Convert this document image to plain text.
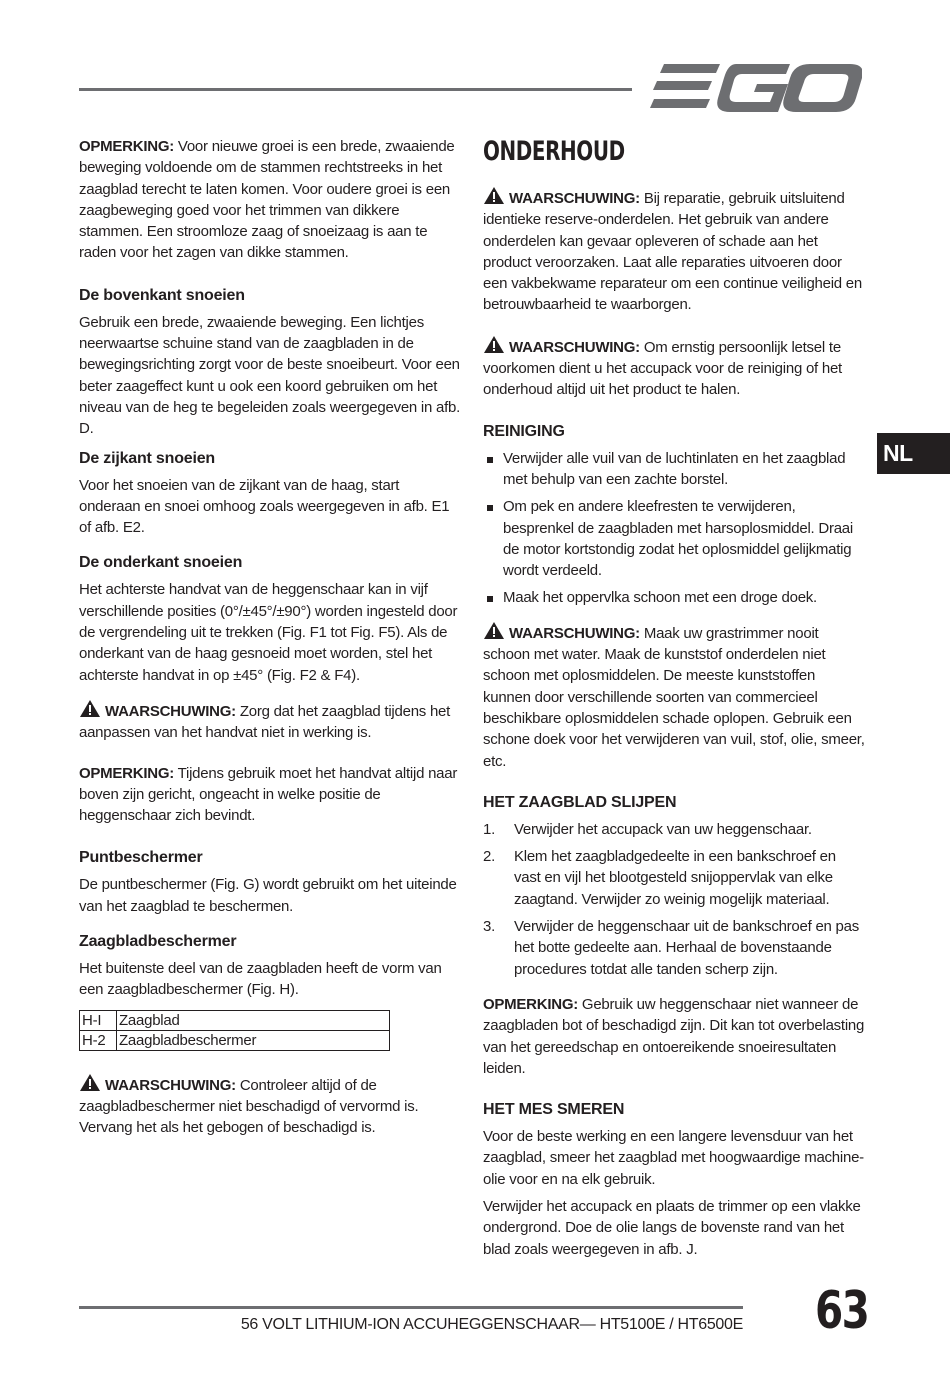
OPMERKING: Voor nieuwe groei is een brede, zwaaiende beweging voldoende om de stammen rechtstreeks in het zaagblad terecht te laten komen. Voor oudere groei is een zaagbeweging goed voor het trimmen van dikkere stammen. Een stroomloze zaag of snoeizaag is aan te raden voor het zagen van dikke stammen.

De bovenkant snoeien

Gebruik een brede, zwaaiende beweging. Een lichtjes neerwaartse schuine stand van de zaagbladen in de bewegingsrichting zorgt voor de beste snoeibeurt. Voor een beter zaageffect kunt u ook een koord gebruiken om het niveau van de heg te begeleiden zoals weergegeven in afb. D.

De zijkant snoeien

Voor het snoeien van de zijkant van de haag, start onderaan en snoei omhoog zoals weergegeven in afb. E1 of afb. E2.

De onderkant snoeien

Het achterste handvat van de heggenschaar kan in vijf verschillende posities (0°/±45°/±90°) worden ingesteld door de vergrendeling uit te trekken (Fig. F1 tot Fig. F5). Als de onderkant van de haag gesnoeid moet worden, stel het achterste handvat in op ±45° (Fig. F2 & F4).

WAARSCHUWING: Zorg dat het zaagblad tijdens het aanpassen van het handvat niet in werking is.

OPMERKING: Tijdens gebruik moet het handvat altijd naar boven zijn gericht, ongeacht in welke positie de heggenschaar zich bevindt.

Puntbeschermer

De puntbeschermer (Fig. G) wordt gebruikt om het uiteinde van het zaagblad te beschermen.

Zaagbladbeschermer

Het buitenste deel van de zaagbladen heeft de vorm van een zaagbladbeschermer (Fig. H).

H-I	Zaagblad
H-2	Zaagbladbeschermer

WAARSCHUWING: Controleer altijd of de zaagbladbeschermer niet beschadigd of vervormd is. Vervang het als het gebogen of beschadigd is.

ONDERHOUD

WAARSCHUWING: Bij reparatie, gebruik uitsluitend identieke reserve-onderdelen. Het gebruik van andere onderdelen kan gevaar opleveren of schade aan het product veroorzaken. Laat alle reparaties uitvoeren door een vakbekwame reparateur om een continue veiligheid en betrouwbaarheid te waarborgen.

WAARSCHUWING: Om ernstig persoonlijk letsel te voorkomen dient u het accupack voor de reiniging of het onderhoud altijd uit het product te halen.

REINIGING
Verwijder alle vuil van de luchtinlaten en het zaagblad met behulp van een zachte borstel.
Om pek en andere kleefresten te verwijderen, besprenkel de zaagbladen met harsoplosmiddel. Draai de motor kortstondig zodat het oplosmiddel gelijkmatig wordt verdeeld.
Maak het oppervlka schoon met een droge doek.

WAARSCHUWING: Maak uw grastrimmer nooit schoon met water. Maak de kunststof onderdelen niet schoon met oplosmiddelen. De meeste kunststoffen kunnen door verschillende soorten van commercieel beschikbare oplosmiddelen schade oplopen. Gebruik een schone doek voor het verwijderen van vuil, stof, olie, smeer, etc.

HET ZAAGBLAD SLIJPEN
1. Verwijder het accupack van uw heggenschaar.
2. Klem het zaagbladgedeelte in een bankschroef en vast en vijl het blootgesteld snijoppervlak van elke zaagtand. Verwijder zo weinig mogelijk materiaal.
3. Verwijder de heggenschaar uit de bankschroef en pas het botte gedeelte aan. Herhaal de bovenstaande procedures totdat alle tanden scherp zijn.

OPMERKING: Gebruik uw heggenschaar niet wanneer de zaagbladen bot of beschadigd zijn. Dit kan tot overbelasting van het gereedschap en ontoereikende snoeiresultaten leiden.

HET MES SMEREN

Voor de beste werking en een langere levensduur van het zaagblad, smeer het zaagblad met hoogwaardige machine-olie voor en na elk gebruik.

Verwijder het accupack en plaats de trimmer op een vlakke ondergrond. Doe de olie langs de bovenste rand van het blad zoals weergegeven in afb. J.

NL
56 VOLT LITHIUM-ION ACCUHEGGENSCHAAR— HT5100E / HT6500E 63
